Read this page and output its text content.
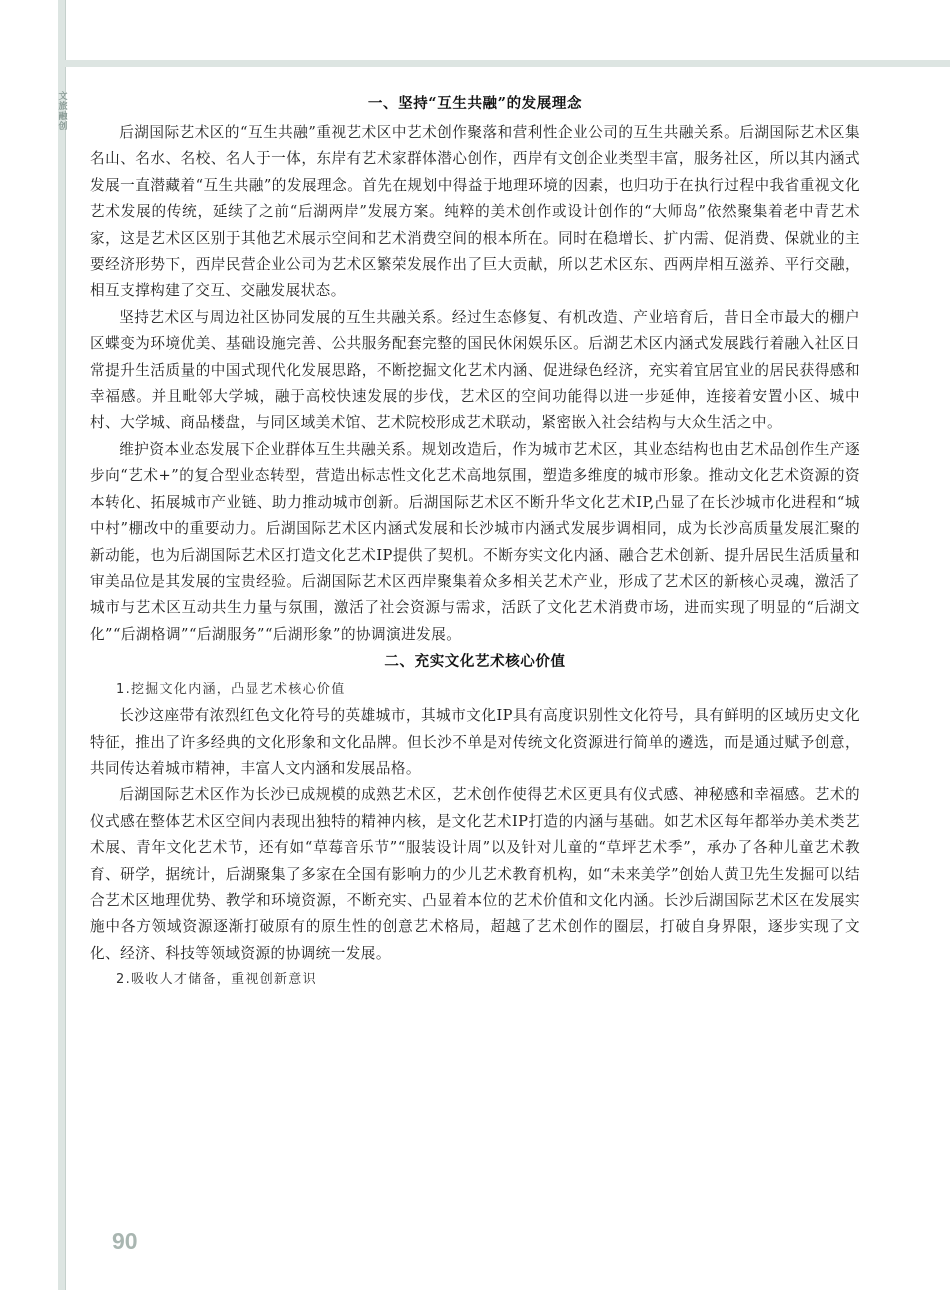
文旅融创
一、坚持“互生共融”的发展理念

后湖国际艺术区的“互生共融”重视艺术区中艺术创作聚落和营利性企业公司的互生共融关系。后湖国际艺术区集名山、名水、名校、名人于一体，东岸有艺术家群体潜心创作，西岸有文创企业类型丰富，服务社区，所以其内涵式发展一直潜藏着“互生共融”的发展理念。首先在规划中得益于地理环境的因素，也归功于在执行过程中我省重视文化艺术发展的传统，延续了之前“后湖两岸”发展方案。纯粹的美术创作或设计创作的“大师岛”依然聚集着老中青艺术家，这是艺术区区别于其他艺术展示空间和艺术消费空间的根本所在。同时在稳增长、扩内需、促消费、保就业的主要经济形势下，西岸民营企业公司为艺术区繁荣发展作出了巨大贡献，所以艺术区东、西两岸相互滋养、平行交融，相互支撑构建了交互、交融发展状态。

坚持艺术区与周边社区协同发展的互生共融关系。经过生态修复、有机改造、产业培育后，昔日全市最大的棚户区蝶变为环境优美、基础设施完善、公共服务配套完整的国民休闲娱乐区。后湖艺术区内涵式发展践行着融入社区日常提升生活质量的中国式现代化发展思路，不断挖掘文化艺术内涵、促进绿色经济，充实着宜居宜业的居民获得感和幸福感。并且毗邻大学城，融于高校快速发展的步伐，艺术区的空间功能得以进一步延伸，连接着安置小区、城中村、大学城、商品楼盘，与同区域美术馆、艺术院校形成艺术联动，紧密嵌入社会结构与大众生活之中。

维护资本业态发展下企业群体互生共融关系。规划改造后，作为城市艺术区，其业态结构也由艺术品创作生产逐步向“艺术+”的复合型业态转型，营造出标志性文化艺术高地氛围，塑造多维度的城市形象。推动文化艺术资源的资本转化、拓展城市产业链、助力推动城市创新。后湖国际艺术区不断升华文化艺术IP,凸显了在长沙城市化进程和“城中村”棚改中的重要动力。后湖国际艺术区内涵式发展和长沙城市内涵式发展步调相同，成为长沙高质量发展汇聚的新动能，也为后湖国际艺术区打造文化艺术IP提供了契机。不断夯实文化内涵、融合艺术创新、提升居民生活质量和审美品位是其发展的宝贵经验。后湖国际艺术区西岸聚集着众多相关艺术产业，形成了艺术区的新核心灵魂，激活了城市与艺术区互动共生力量与氛围，激活了社会资源与需求，活跃了文化艺术消费市场，进而实现了明显的“后湖文化”“后湖格调”“后湖服务”“后湖形象”的协调演进发展。

二、充实文化艺术核心价值

1.挖掘文化内涵，凸显艺术核心价值

长沙这座带有浓烈红色文化符号的英雄城市，其城市文化IP具有高度识别性文化符号，具有鲜明的区域历史文化特征，推出了许多经典的文化形象和文化品牌。但长沙不单是对传统文化资源进行简单的遴选，而是通过赋予创意，共同传达着城市精神，丰富人文内涵和发展品格。

后湖国际艺术区作为长沙已成规模的成熟艺术区，艺术创作使得艺术区更具有仪式感、神秘感和幸福感。艺术的仪式感在整体艺术区空间内表现出独特的精神内核，是文化艺术IP打造的内涵与基础。如艺术区每年都举办美术类艺术展、青年文化艺术节，还有如“草莓音乐节”“服装设计周”以及针对儿童的“草坪艺术季”，承办了各种儿童艺术教育、研学，据统计，后湖聚集了多家在全国有影响力的少儿艺术教育机构，如“未来美学”创始人黄卫先生发掘可以结合艺术区地理优势、教学和环境资源，不断充实、凸显着本位的艺术价值和文化内涵。长沙后湖国际艺术区在发展实施中各方领域资源逐渐打破原有的原生性的创意艺术格局，超越了艺术创作的圈层，打破自身界限，逐步实现了文化、经济、科技等领域资源的协调统一发展。

2.吸收人才储备，重视创新意识

90
